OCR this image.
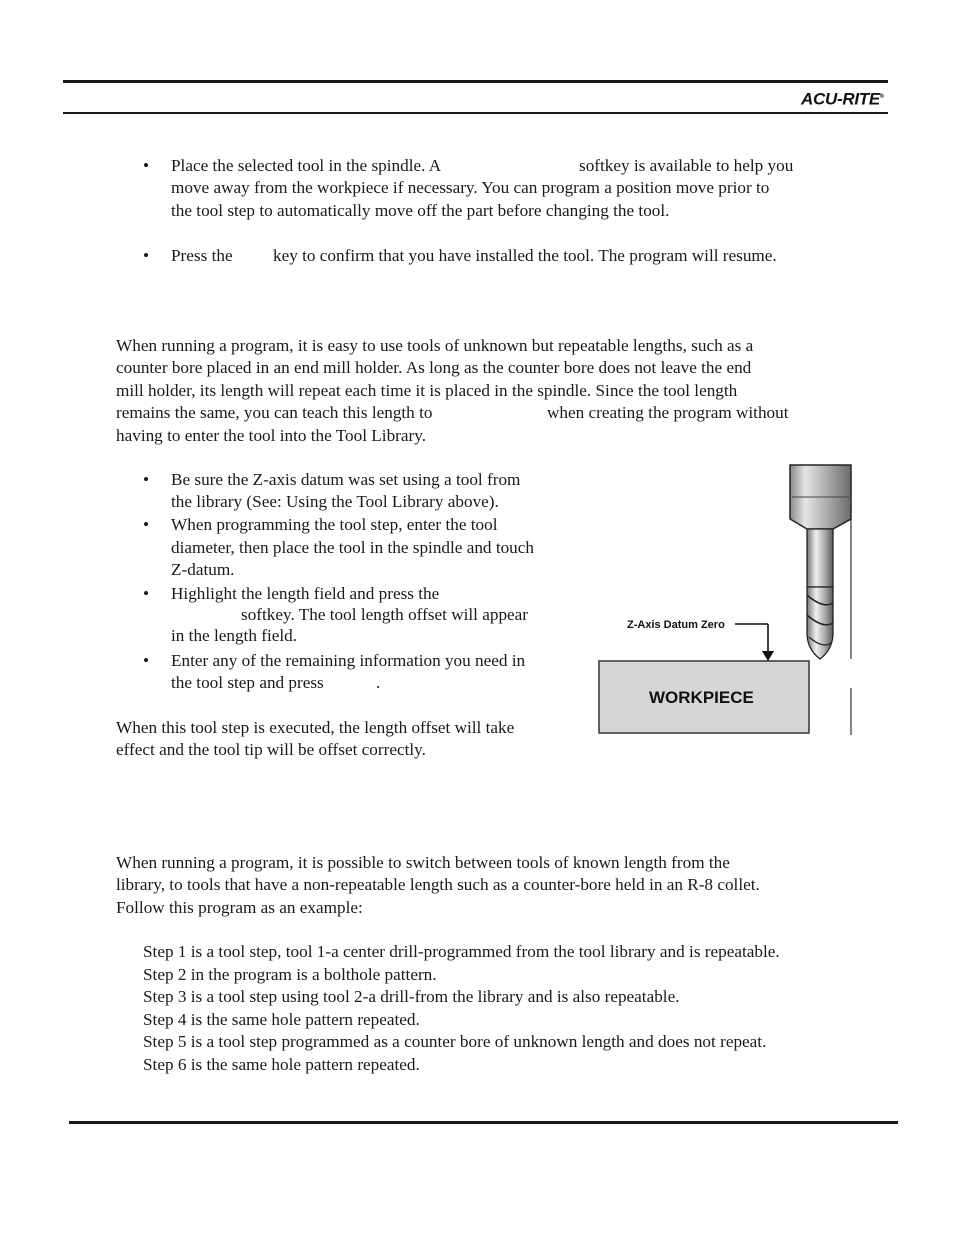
ACU-RITE®
• Place the selected tool in the spindle. A	softkey is available to help you
move away from the workpiece if necessary. You can program a position move prior to
the tool step to automatically move off the part before changing the tool.
• Press the key to confirm that you have installed the tool. The program will resume.
When running a program, it is easy to use tools of unknown but repeatable lengths, such as a
counter bore placed in an end mill holder. As long as the counter bore does not leave the end
mill holder, its length will repeat each time it is placed in the spindle. Since the tool length
remains the same, you can teach this length to	when creating the program without
having to enter the tool into the Tool Library.
• Be sure the Z-axis datum was set using a tool from
the library (See: Using the Tool Library above).
• When programming the tool step, enter the tool
diameter, then place the tool in the spindle and touch
Z-datum.
• Highlight the length field and press the
softkey. The tool length offset will appear
in the length field.
• Enter any of the remaining information you need in
the tool step and press	.
When this tool step is executed, the length offset will take
effect and the tool tip will be offset correctly.
Z-Axis Datum Zero
WORKPIECE
When running a program, it is possible to switch between tools of known length from the
library, to tools that have a non-repeatable length such as a counter-bore held in an R-8 collet.
Follow this program as an example:
Step 1 is a tool step, tool 1-a center drill-programmed from the tool library and is repeatable.
Step 2 in the program is a bolthole pattern.
Step 3 is a tool step using tool 2-a drill-from the library and is also repeatable.
Step 4 is the same hole pattern repeated.
Step 5 is a tool step programmed as a counter bore of unknown length and does not repeat.
Step 6 is the same hole pattern repeated.
